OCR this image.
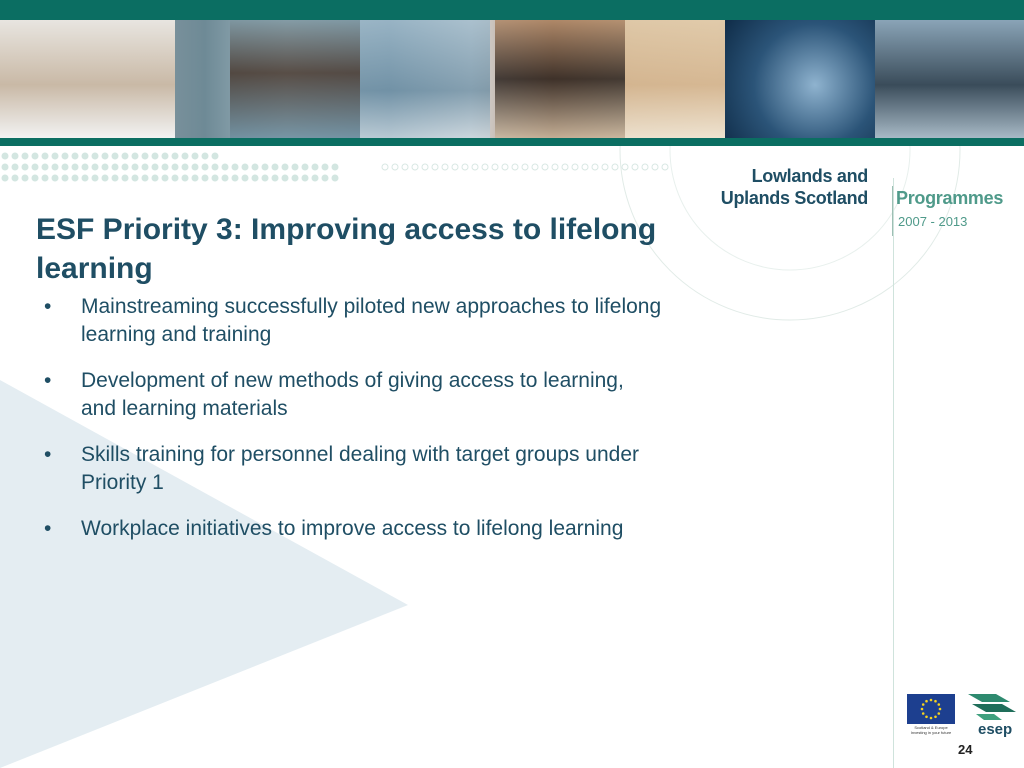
Lowlands and
Uplands Scotland Programmes
2007 - 2013
ESF Priority 3: Improving access to lifelong learning
• Mainstreaming successfully piloted new approaches to lifelong learning and training
• Development of new methods of giving access to learning, and learning materials
• Skills training for personnel dealing with target groups under Priority 1
• Workplace initiatives to improve access to lifelong learning
Scotland & Europe Investing in your future esep
24
